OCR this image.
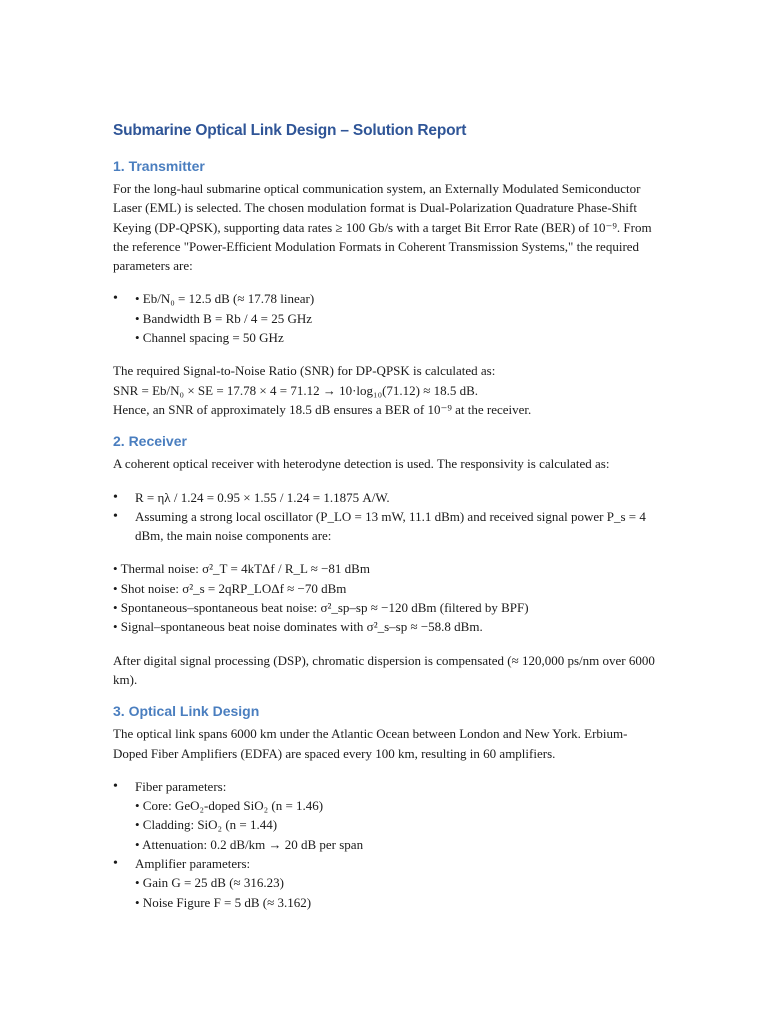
Submarine Optical Link Design – Solution Report
1. Transmitter

For the long-haul submarine optical communication system, an Externally Modulated Semiconductor Laser (EML) is selected. The chosen modulation format is Dual-Polarization Quadrature Phase-Shift Keying (DP-QPSK), supporting data rates ≥ 100 Gb/s with a target Bit Error Rate (BER) of 10⁻⁹. From the reference "Power-Efficient Modulation Formats in Coherent Transmission Systems," the required parameters are:

• • Eb/N₀ = 12.5 dB (≈ 17.78 linear)
• Bandwidth B = Rb / 4 = 25 GHz
• Channel spacing = 50 GHz

The required Signal-to-Noise Ratio (SNR) for DP-QPSK is calculated as:
SNR = Eb/N₀ × SE = 17.78 × 4 = 71.12 → 10·log₁₀(71.12) ≈ 18.5 dB.
Hence, an SNR of approximately 18.5 dB ensures a BER of 10⁻⁹ at the receiver.

2. Receiver

A coherent optical receiver with heterodyne detection is used. The responsivity is calculated as:

• R = ηλ / 1.24 = 0.95 × 1.55 / 1.24 = 1.1875 A/W.
• Assuming a strong local oscillator (P_LO = 13 mW, 11.1 dBm) and received signal power P_s = 4 dBm, the main noise components are:

• Thermal noise: σ²_T = 4kTΔf / R_L ≈ −81 dBm
• Shot noise: σ²_s = 2qRP_LOΔf ≈ −70 dBm
• Spontaneous–spontaneous beat noise: σ²_sp–sp ≈ −120 dBm (filtered by BPF)
• Signal–spontaneous beat noise dominates with σ²_s–sp ≈ −58.8 dBm.

After digital signal processing (DSP), chromatic dispersion is compensated (≈ 120,000 ps/nm over 6000 km).

3. Optical Link Design

The optical link spans 6000 km under the Atlantic Ocean between London and New York. Erbium-Doped Fiber Amplifiers (EDFA) are spaced every 100 km, resulting in 60 amplifiers.

• Fiber parameters:
• Core: GeO₂-doped SiO₂ (n = 1.46)
• Cladding: SiO₂ (n = 1.44)
• Attenuation: 0.2 dB/km → 20 dB per span
• Amplifier parameters:
• Gain G = 25 dB (≈ 316.23)
• Noise Figure F = 5 dB (≈ 3.162)
